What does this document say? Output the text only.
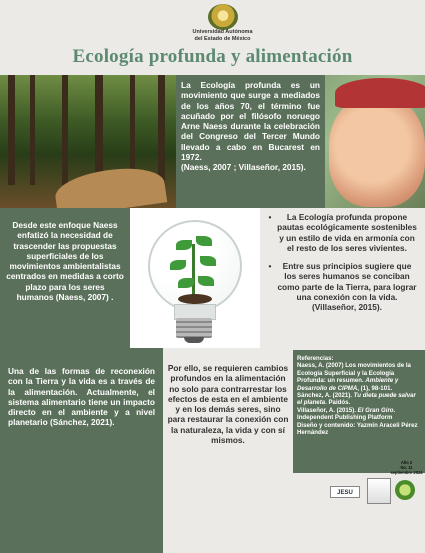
Universidad Autónoma
del Estado de México
Ecología profunda y alimentación
La Ecología profunda es un movimiento que surge a mediados de los años 70, el término fue acuñado por el filósofo noruego Arne Naess durante la celebración del Congreso del Tercer Mundo llevado a cabo en Bucarest en 1972.
(Naess, 2007 ; Villaseñor, 2015).
Desde este enfoque Naess enfatizó la necesidad de trascender las propuestas superficiales de los movimientos ambientalistas centrados en medidas a corto plazo para los seres humanos (Naess, 2007) .
•	La Ecología profunda propone pautas ecológicamente sostenibles y un estilo de vida en armonía con el resto de los seres vivientes.
•	Entre sus principios sugiere que los seres humanos se conciban como parte de la Tierra, para lograr una conexión con la vida. (Villaseñor, 2015).
Una de las formas de reconexión con la Tierra y la vida es a través de la alimentación. Actualmente, el sistema alimentario tiene un impacto directo en el ambiente y a nivel planetario (Sánchez, 2021).
Por ello, se requieren cambios profundos en la alimentación no solo para contrarrestar los efectos de esta en el ambiente y en los demás seres, sino para restaurar la conexión con la naturaleza, la vida y con sí mismos.
Referencias:
Naess, A. (2007) Los movimientos de la Ecología Superficial y la Ecología Profunda: un resumen. Ambiente y Desarrollo de CIPMA, (1), 98-101.
Sánchez, A. (2021). Tu dieta puede salvar el planeta. Paidós.
Villaseñor, A. (2015). El Gran Giro. Independent Publishing Platform
Diseño y contenido: Yazmín Araceli Pérez Hernández
Año 2
No. 11
septiembre 2024
JESU
